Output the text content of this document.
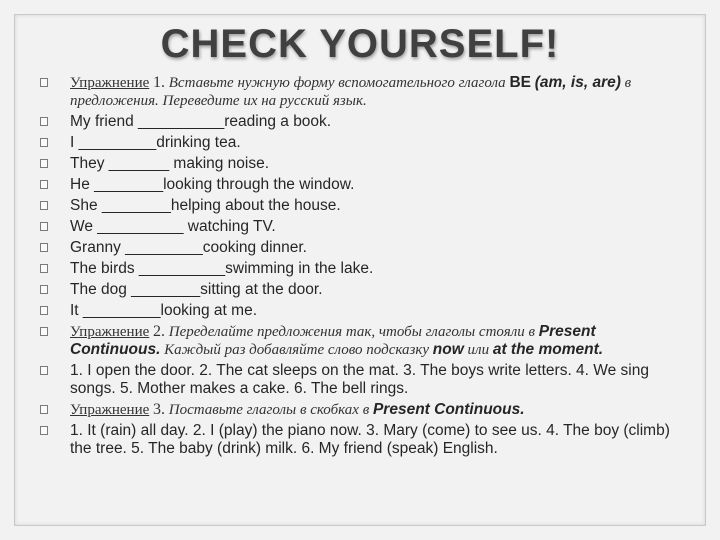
CHECK YOURSELF!
Упражнение 1. Вставьте нужную форму вспомогательного глагола BE (am, is, are) в предложения. Переведите их на русский язык.
My friend __________reading a book.
I _________drinking tea.
They _______ making noise.
He ________looking through the window.
She ________helping about the house.
We __________ watching TV.
Granny _________cooking dinner.
The birds __________swimming in the lake.
The dog ________sitting at the door.
It _________looking at me.
Упражнение 2. Переделайте предложения так, чтобы глаголы стояли в Present Continuous. Каждый раз добавляйте слово подсказку now или at the moment.
1. I open the door. 2. The cat sleeps on the mat. 3. The boys write letters. 4. We sing songs. 5. Mother makes a cake. 6. The bell rings.
Упражнение 3. Поставьте глаголы в скобках в Present Continuous.
1. It (rain) all day. 2. I (play) the piano now. 3. Mary (come) to see us. 4. The boy (climb) the tree. 5. The baby (drink) milk. 6. My friend (speak) English.
